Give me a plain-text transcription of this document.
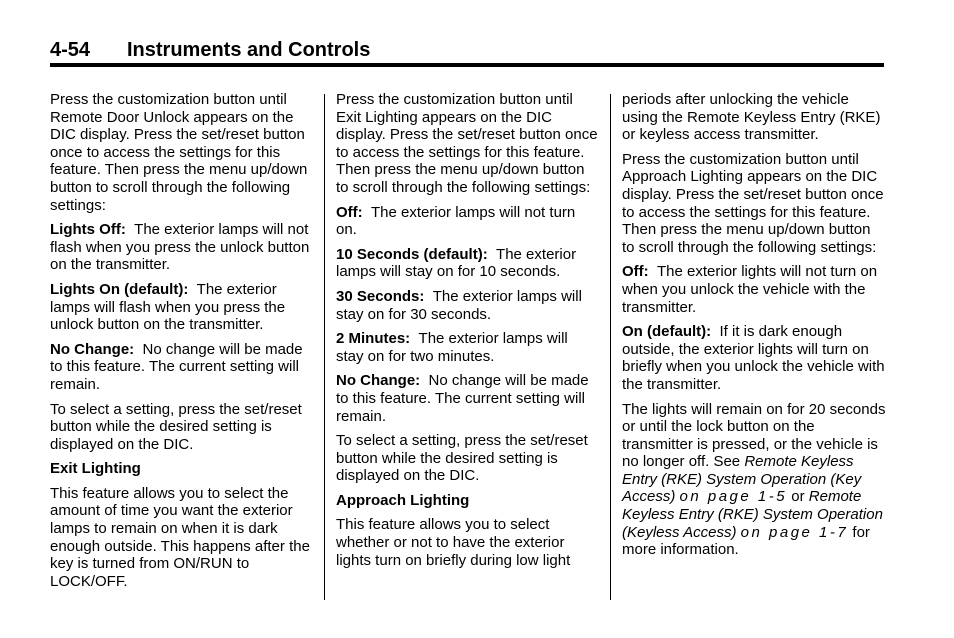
4-54 Instruments and Controls

Press the customization button until Remote Door Unlock appears on the DIC display. Press the set/reset button once to access the settings for this feature. Then press the menu up/down button to scroll through the following settings:

Lights Off: The exterior lamps will not flash when you press the unlock button on the transmitter.

Lights On (default): The exterior lamps will flash when you press the unlock button on the transmitter.

No Change: No change will be made to this feature. The current setting will remain.

To select a setting, press the set/reset button while the desired setting is displayed on the DIC.

Exit Lighting

This feature allows you to select the amount of time you want the exterior lamps to remain on when it is dark enough outside. This happens after the key is turned from ON/RUN to LOCK/OFF.

Press the customization button until Exit Lighting appears on the DIC display. Press the set/reset button once to access the settings for this feature. Then press the menu up/down button to scroll through the following settings:

Off: The exterior lamps will not turn on.

10 Seconds (default): The exterior lamps will stay on for 10 seconds.

30 Seconds: The exterior lamps will stay on for 30 seconds.

2 Minutes: The exterior lamps will stay on for two minutes.

No Change: No change will be made to this feature. The current setting will remain.

To select a setting, press the set/reset button while the desired setting is displayed on the DIC.

Approach Lighting

This feature allows you to select whether or not to have the exterior lights turn on briefly during low light

periods after unlocking the vehicle using the Remote Keyless Entry (RKE) or keyless access transmitter.

Press the customization button until Approach Lighting appears on the DIC display. Press the set/reset button once to access the settings for this feature. Then press the menu up/down button to scroll through the following settings:

Off: The exterior lights will not turn on when you unlock the vehicle with the transmitter.

On (default): If it is dark enough outside, the exterior lights will turn on briefly when you unlock the vehicle with the transmitter.

The lights will remain on for 20 seconds or until the lock button on the transmitter is pressed, or the vehicle is no longer off. See Remote Keyless Entry (RKE) System Operation (Key Access) on page 1-5 or Remote Keyless Entry (RKE) System Operation (Keyless Access) on page 1-7 for more information.
